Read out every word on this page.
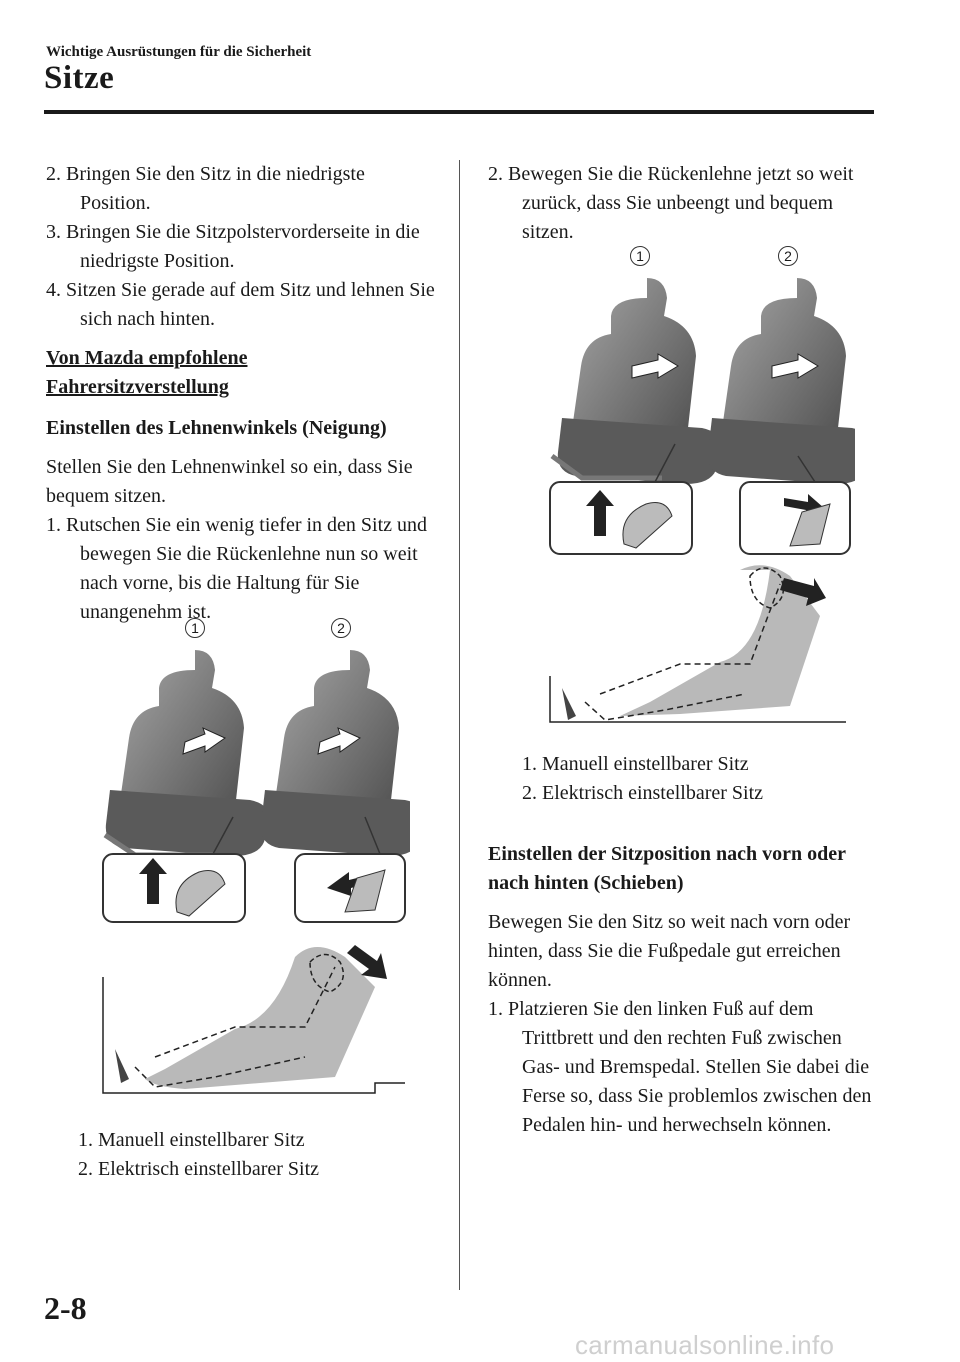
Wichtige Ausrüstungen für die Sicherheit
Sitze

2. Bringen Sie den Sitz in die niedrigste Position.

3. Bringen Sie die Sitzpolstervorderseite in die niedrigste Position.

4. Sitzen Sie gerade auf dem Sitz und lehnen Sie sich nach hinten.

Von Mazda empfohlene

Fahrersitzverstellung

Einstellen des Lehnenwinkels (Neigung)

Stellen Sie den Lehnenwinkel so ein, dass Sie bequem sitzen.

1. Rutschen Sie ein wenig tiefer in den Sitz und bewegen Sie die Rückenlehne nun so weit nach vorne, bis die Haltung für Sie unangenehm ist.

1	2
1. Manuell einstellbarer Sitz
2. Elektrisch einstellbarer Sitz

2. Bewegen Sie die Rückenlehne jetzt so weit zurück, dass Sie unbeengt und bequem sitzen.

1	2
1. Manuell einstellbarer Sitz
2. Elektrisch einstellbarer Sitz

Einstellen der Sitzposition nach vorn oder nach hinten (Schieben)

Bewegen Sie den Sitz so weit nach vorn oder hinten, dass Sie die Fußpedale gut erreichen können.

1. Platzieren Sie den linken Fuß auf dem Trittbrett und den rechten Fuß zwischen Gas- und Bremspedal. Stellen Sie dabei die Ferse so, dass Sie problemlos zwischen den Pedalen hin- und herwechseln können.

2-8
carmanualsonline.info
